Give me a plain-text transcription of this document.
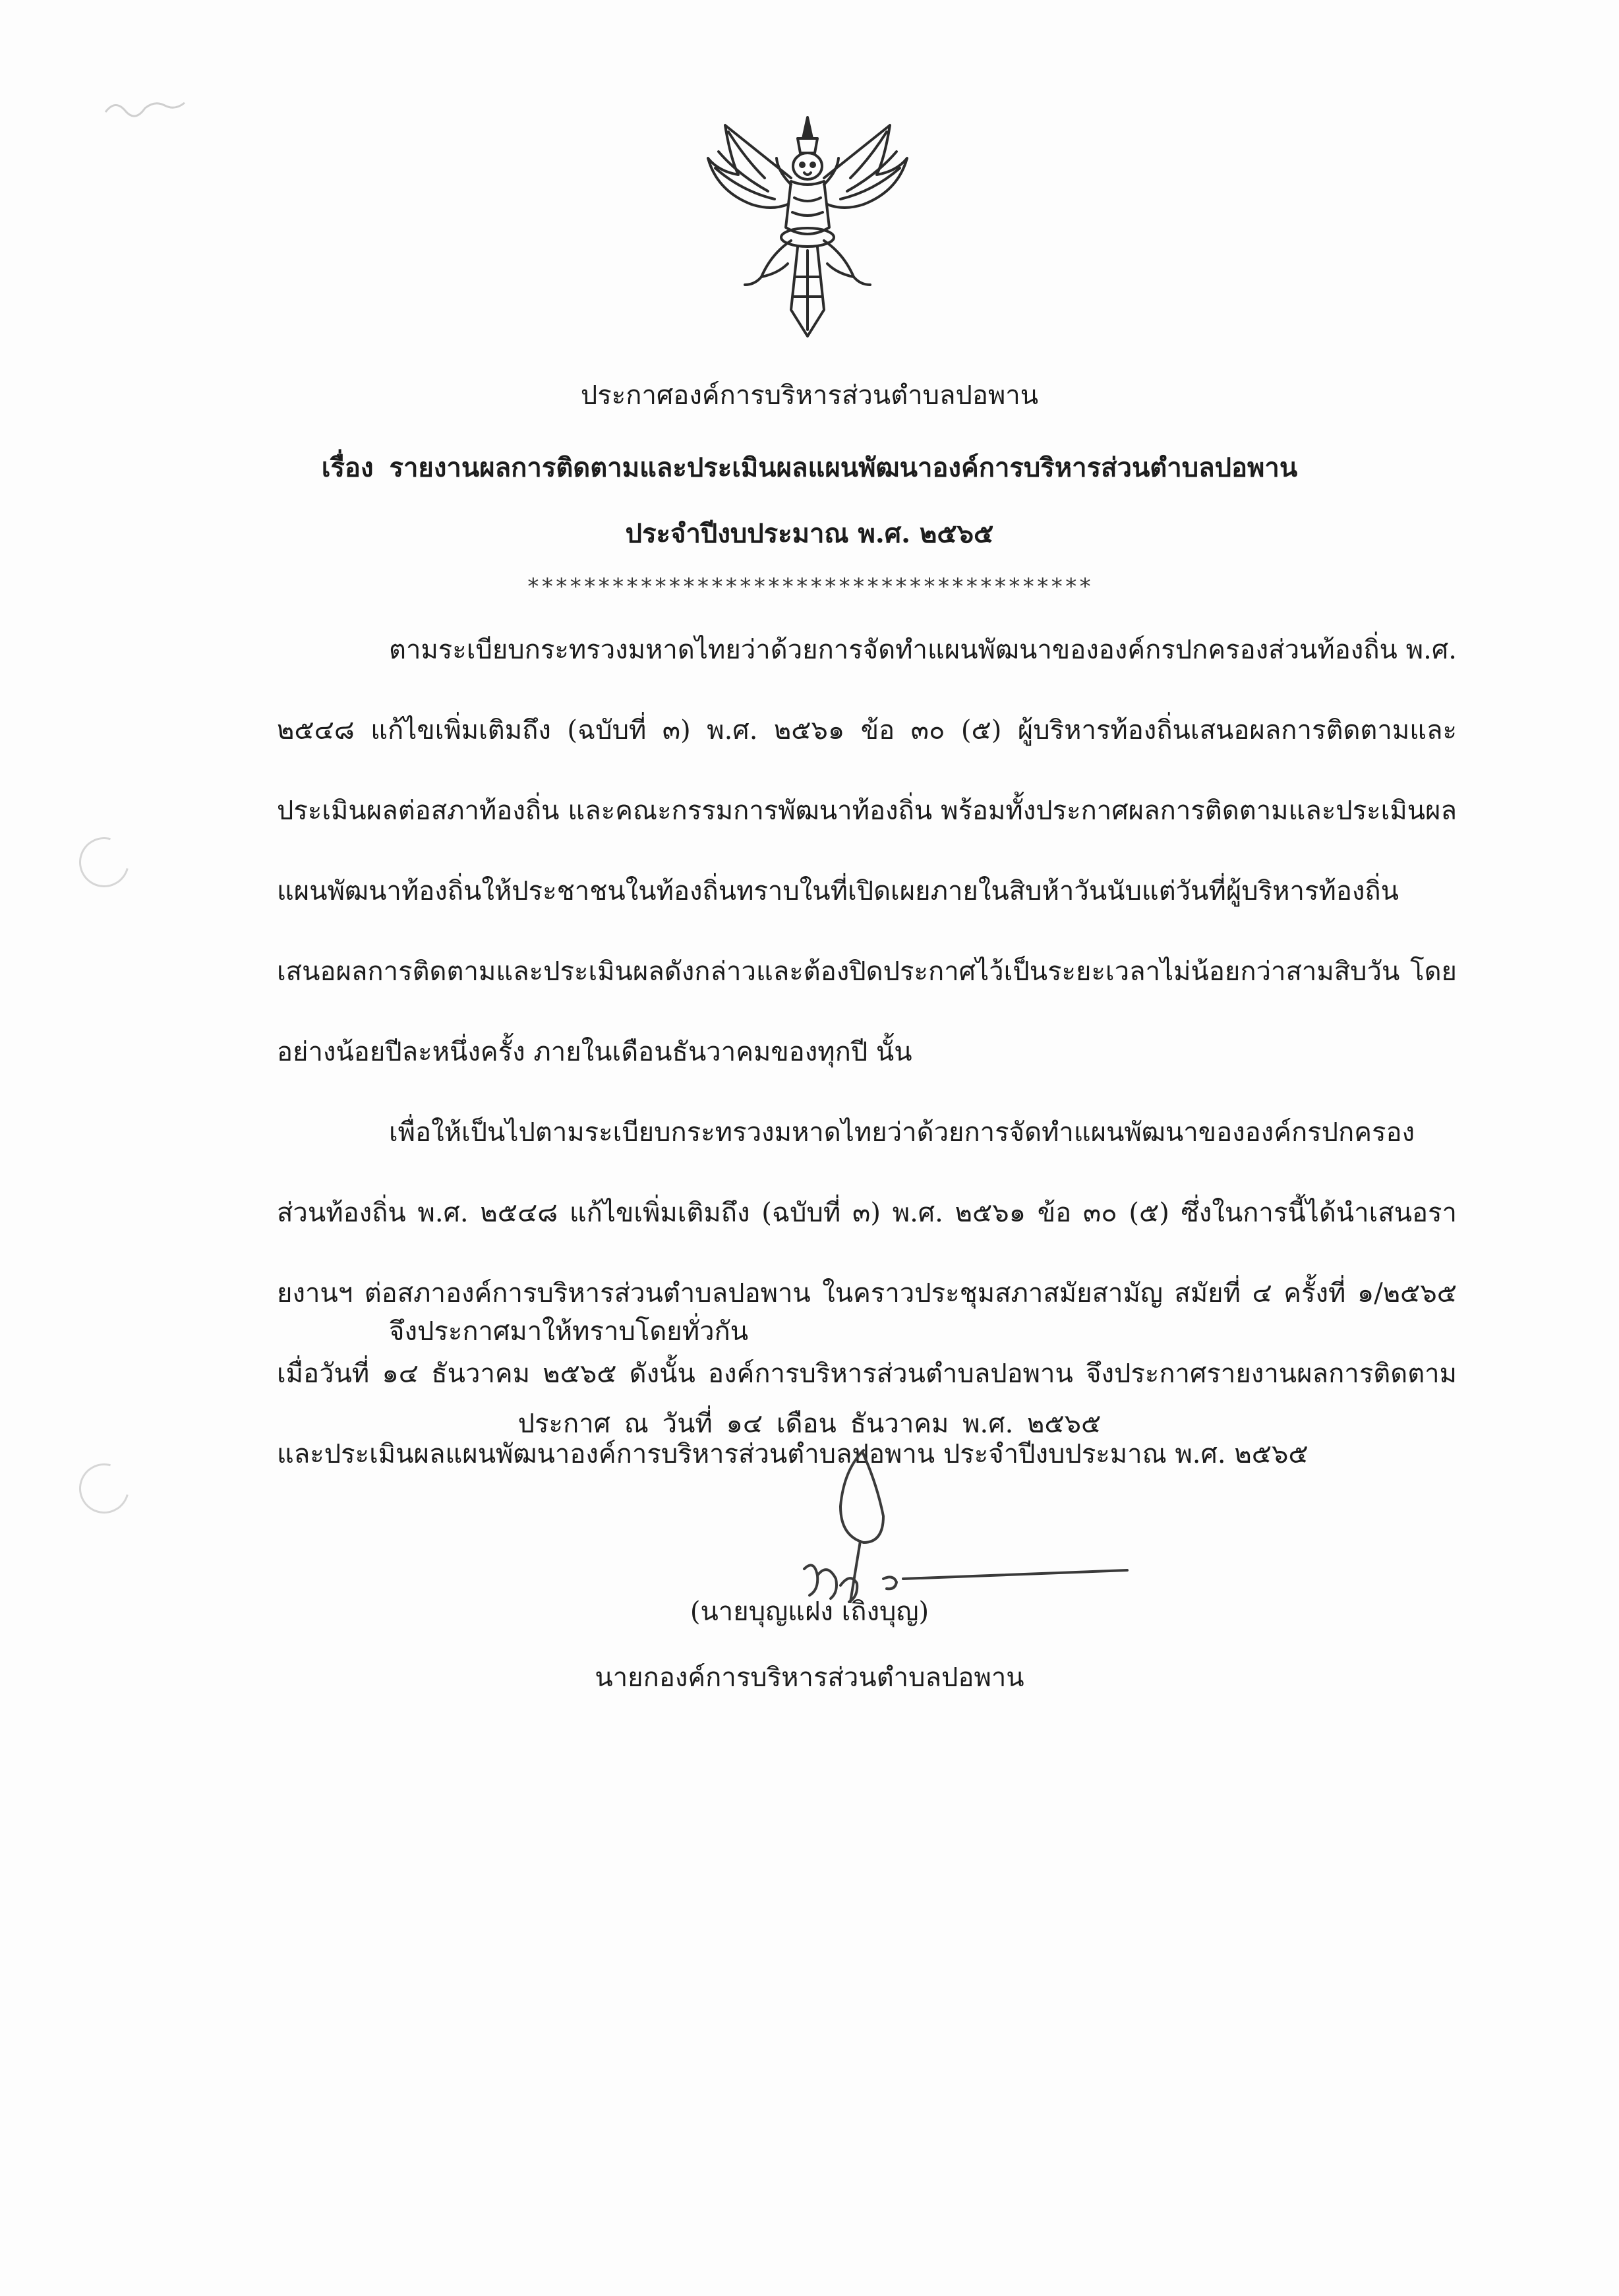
ประกาศองค์การบริหารส่วนตำบลปอพาน
เรื่อง รายงานผลการติดตามและประเมินผลแผนพัฒนาองค์การบริหารส่วนตำบลปอพาน
ประจำปีงบประมาณ พ.ศ. ๒๕๖๕
****************************************

ตามระเบียบกระทรวงมหาดไทยว่าด้วยการจัดทำแผนพัฒนาขององค์กรปกครองส่วนท้องถิ่น พ.ศ. ๒๕๔๘ แก้ไขเพิ่มเติมถึง (ฉบับที่ ๓) พ.ศ. ๒๕๖๑ ข้อ ๓๐ (๕) ผู้บริหารท้องถิ่นเสนอผลการติดตามและประเมินผลต่อสภาท้องถิ่น และคณะกรรมการพัฒนาท้องถิ่น พร้อมทั้งประกาศผลการติดตามและประเมินผลแผนพัฒนาท้องถิ่นให้ประชาชนในท้องถิ่นทราบในที่เปิดเผยภายในสิบห้าวันนับแต่วันที่ผู้บริหารท้องถิ่นเสนอผลการติดตามและประเมินผลดังกล่าวและต้องปิดประกาศไว้เป็นระยะเวลาไม่น้อยกว่าสามสิบวัน โดยอย่างน้อยปีละหนึ่งครั้ง ภายในเดือนธันวาคมของทุกปี นั้น

เพื่อให้เป็นไปตามระเบียบกระทรวงมหาดไทยว่าด้วยการจัดทำแผนพัฒนาขององค์กรปกครองส่วนท้องถิ่น พ.ศ. ๒๕๔๘ แก้ไขเพิ่มเติมถึง (ฉบับที่ ๓) พ.ศ. ๒๕๖๑ ข้อ ๓๐ (๕) ซึ่งในการนี้ได้นำเสนอรายงานฯ ต่อสภาองค์การบริหารส่วนตำบลปอพาน ในคราวประชุมสภาสมัยสามัญ สมัยที่ ๔ ครั้งที่ ๑/๒๕๖๕ เมื่อวันที่ ๑๔ ธันวาคม ๒๕๖๕ ดังนั้น องค์การบริหารส่วนตำบลปอพาน จึงประกาศรายงานผลการติดตามและประเมินผลแผนพัฒนาองค์การบริหารส่วนตำบลปอพาน ประจำปีงบประมาณ พ.ศ. ๒๕๖๕

จึงประกาศมาให้ทราบโดยทั่วกัน
ประกาศ ณ วันที่ ๑๔ เดือน ธันวาคม พ.ศ. ๒๕๖๕
(นายบุญแฝง เถิงบุญ)
นายกองค์การบริหารส่วนตำบลปอพาน
